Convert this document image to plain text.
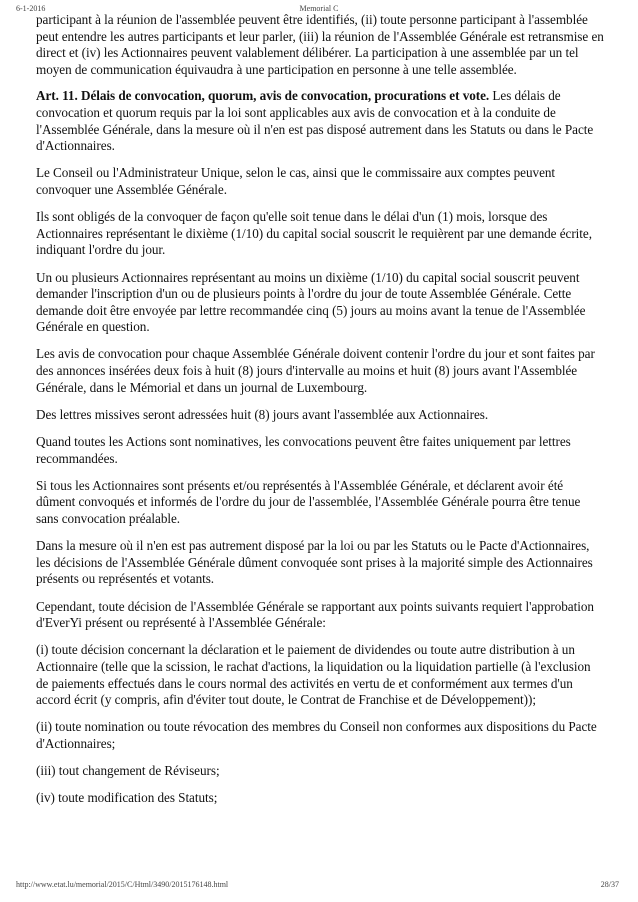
6-1-2016	Memorial C

participant à la réunion de l'assemblée peuvent être identifiés, (ii) toute personne participant à l'assemblée peut entendre les autres participants et leur parler, (iii) la réunion de l'Assemblée Générale est retransmise en direct et (iv) les Actionnaires peuvent valablement délibérer. La participation à une assemblée par un tel moyen de communication équivaudra à une participation en personne à une telle assemblée.

Art. 11. Délais de convocation, quorum, avis de convocation, procurations et vote. Les délais de convocation et quorum requis par la loi sont applicables aux avis de convocation et à la conduite de l'Assemblée Générale, dans la mesure où il n'en est pas disposé autrement dans les Statuts ou dans le Pacte d'Actionnaires.

Le Conseil ou l'Administrateur Unique, selon le cas, ainsi que le commissaire aux comptes peuvent convoquer une Assemblée Générale.

Ils sont obligés de la convoquer de façon qu'elle soit tenue dans le délai d'un (1) mois, lorsque des Actionnaires représentant le dixième (1/10) du capital social souscrit le requièrent par une demande écrite, indiquant l'ordre du jour.

Un ou plusieurs Actionnaires représentant au moins un dixième (1/10) du capital social souscrit peuvent demander l'inscription d'un ou de plusieurs points à l'ordre du jour de toute Assemblée Générale. Cette demande doit être envoyée par lettre recommandée cinq (5) jours au moins avant la tenue de l'Assemblée Générale en question.

Les avis de convocation pour chaque Assemblée Générale doivent contenir l'ordre du jour et sont faites par des annonces insérées deux fois à huit (8) jours d'intervalle au moins et huit (8) jours avant l'Assemblée Générale, dans le Mémorial et dans un journal de Luxembourg.

Des lettres missives seront adressées huit (8) jours avant l'assemblée aux Actionnaires.

Quand toutes les Actions sont nominatives, les convocations peuvent être faites uniquement par lettres recommandées.

Si tous les Actionnaires sont présents et/ou représentés à l'Assemblée Générale, et déclarent avoir été dûment convoqués et informés de l'ordre du jour de l'assemblée, l'Assemblée Générale pourra être tenue sans convocation préalable.

Dans la mesure où il n'en est pas autrement disposé par la loi ou par les Statuts ou le Pacte d'Actionnaires, les décisions de l'Assemblée Générale dûment convoquée sont prises à la majorité simple des Actionnaires présents ou représentés et votants.

Cependant, toute décision de l'Assemblée Générale se rapportant aux points suivants requiert l'approbation d'EverYi présent ou représenté à l'Assemblée Générale:

(i) toute décision concernant la déclaration et le paiement de dividendes ou toute autre distribution à un Actionnaire (telle que la scission, le rachat d'actions, la liquidation ou la liquidation partielle (à l'exclusion de paiements effectués dans le cours normal des activités en vertu de et conformément aux termes d'un accord écrit (y compris, afin d'éviter tout doute, le Contrat de Franchise et de Développement));

(ii) toute nomination ou toute révocation des membres du Conseil non conformes aux dispositions du Pacte d'Actionnaires;

(iii) tout changement de Réviseurs;

(iv) toute modification des Statuts;

http://www.etat.lu/memorial/2015/C/Html/3490/2015176148.html	28/37
